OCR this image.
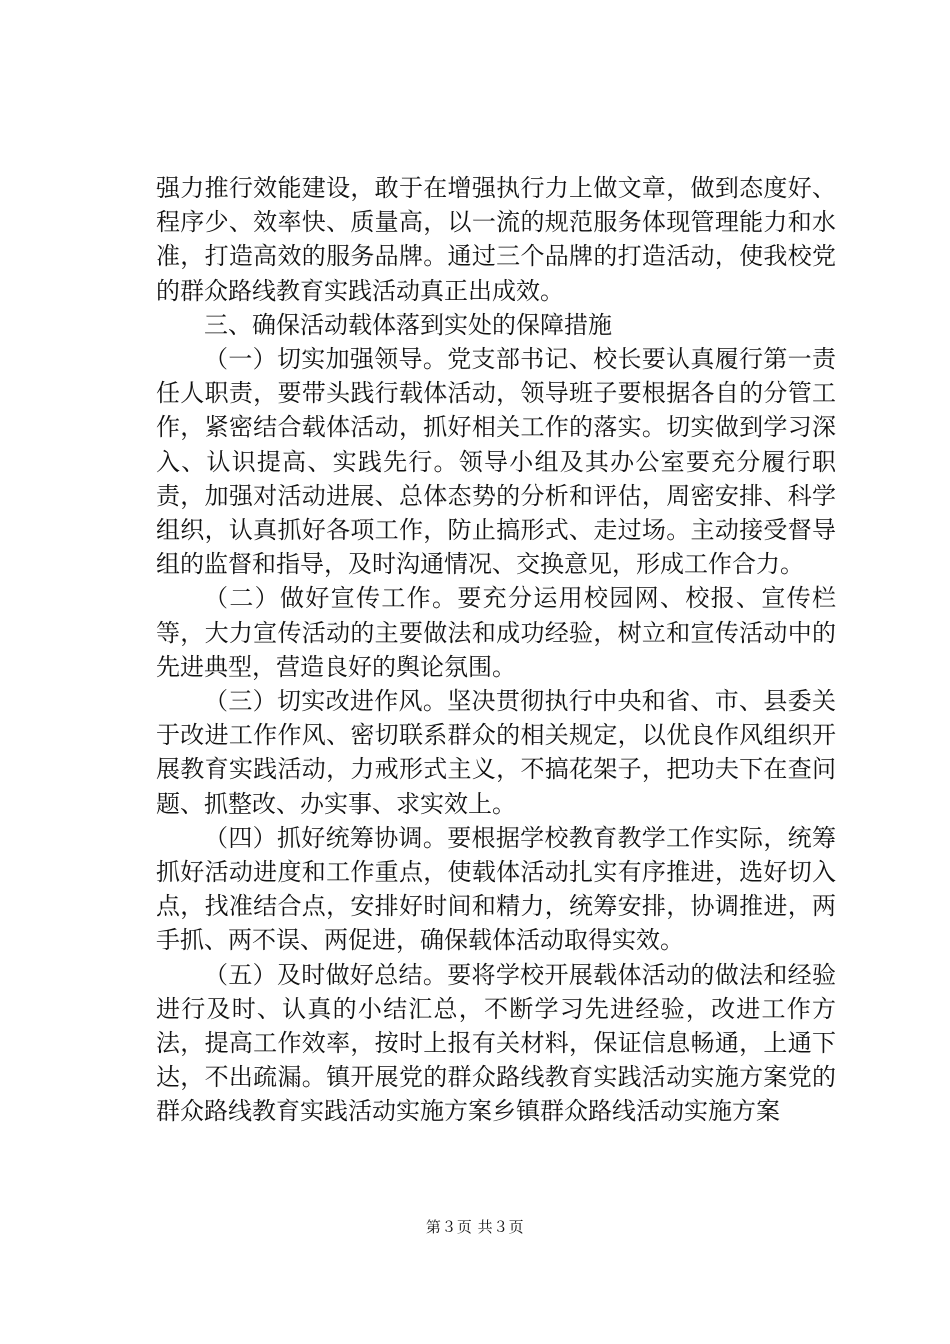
强力推行效能建设，敢于在增强执行力上做文章，做到态度好、程序少、效率快、质量高，以一流的规范服务体现管理能力和水准，打造高效的服务品牌。通过三个品牌的打造活动，使我校党的群众路线教育实践活动真正出成效。

三、确保活动载体落到实处的保障措施

（一）切实加强领导。党支部书记、校长要认真履行第一责任人职责，要带头践行载体活动，领导班子要根据各自的分管工作，紧密结合载体活动，抓好相关工作的落实。切实做到学习深入、认识提高、实践先行。领导小组及其办公室要充分履行职责，加强对活动进展、总体态势的分析和评估，周密安排、科学组织，认真抓好各项工作，防止搞形式、走过场。主动接受督导组的监督和指导，及时沟通情况、交换意见，形成工作合力。

（二）做好宣传工作。要充分运用校园网、校报、宣传栏等，大力宣传活动的主要做法和成功经验，树立和宣传活动中的先进典型，营造良好的舆论氛围。

（三）切实改进作风。坚决贯彻执行中央和省、市、县委关于改进工作作风、密切联系群众的相关规定，以优良作风组织开展教育实践活动，力戒形式主义，不搞花架子，把功夫下在查问题、抓整改、办实事、求实效上。

（四）抓好统筹协调。要根据学校教育教学工作实际，统筹抓好活动进度和工作重点，使载体活动扎实有序推进，选好切入点，找准结合点，安排好时间和精力，统筹安排，协调推进，两手抓、两不误、两促进，确保载体活动取得实效。

（五）及时做好总结。要将学校开展载体活动的做法和经验进行及时、认真的小结汇总，不断学习先进经验，改进工作方法，提高工作效率，按时上报有关材料，保证信息畅通，上通下达，不出疏漏。镇开展党的群众路线教育实践活动实施方案党的群众路线教育实践活动实施方案乡镇群众路线活动实施方案

第３页 共３页
